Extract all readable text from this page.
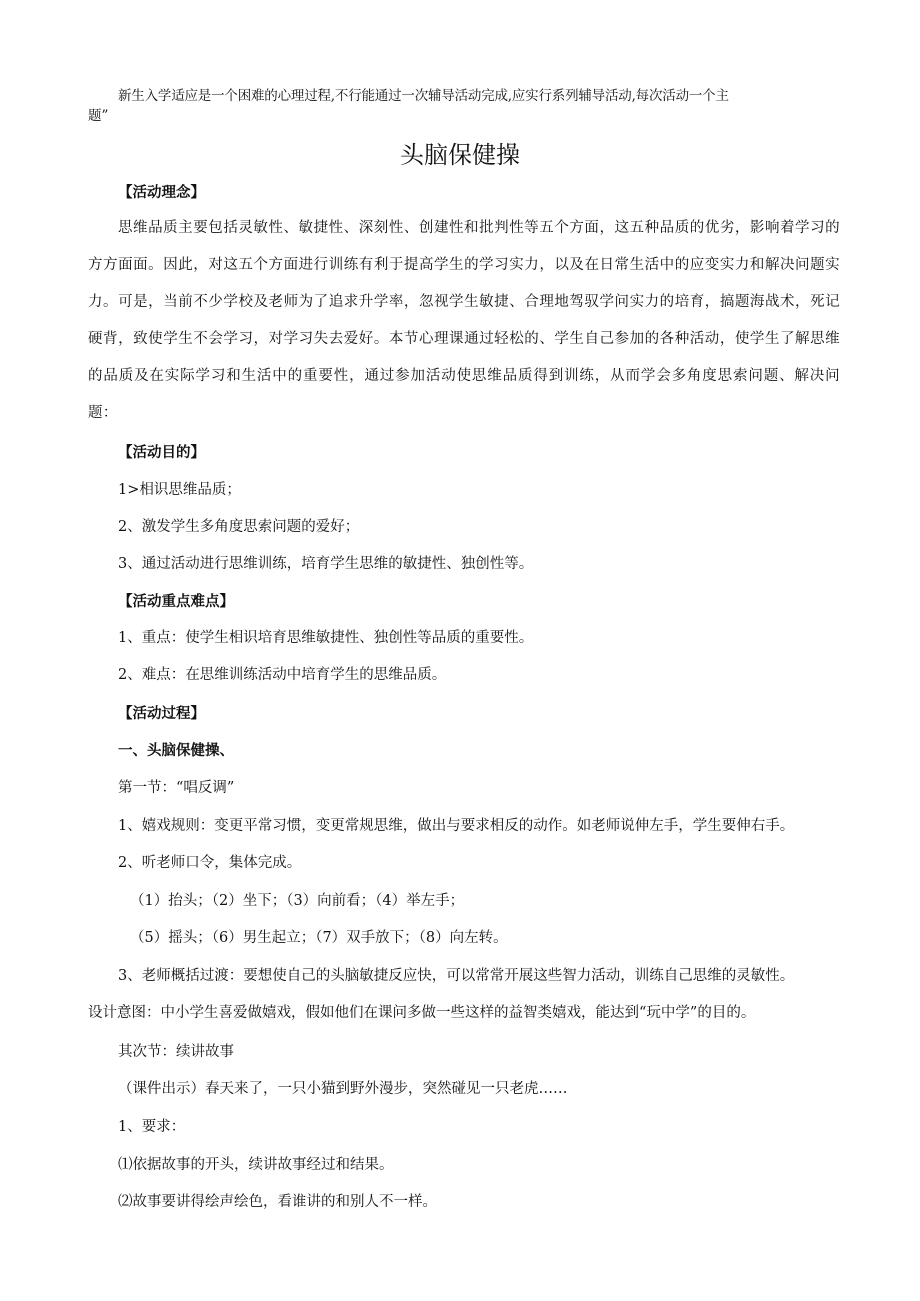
新生入学适应是一个困难的心理过程,不行能通过一次辅导活动完成,应实行系列辅导活动,每次活动一个主
题”
头脑保健操
【活动理念】
思维品质主要包括灵敏性、敏捷性、深刻性、创建性和批判性等五个方面，这五种品质的优劣，影响着学习的方方面面。因此，对这五个方面进行训练有利于提高学生的学习实力，以及在日常生活中的应变实力和解决问题实力。可是，当前不少学校及老师为了追求升学率，忽视学生敏捷、合理地驾驭学问实力的培育，搞题海战术，死记硬背，致使学生不会学习，对学习失去爱好。本节心理课通过轻松的、学生自己参加的各种活动，使学生了解思维的品质及在实际学习和生活中的重要性，通过参加活动使思维品质得到训练，从而学会多角度思索问题、解决问题：
【活动目的】
1>相识思维品质；
2、激发学生多角度思索问题的爱好；
3、通过活动进行思维训练，培育学生思维的敏捷性、独创性等。
【活动重点难点】
1、重点：使学生相识培育思维敏捷性、独创性等品质的重要性。
2、难点：在思维训练活动中培育学生的思维品质。
【活动过程】
一、头脑保健操、
第一节：“唱反调”
1、嬉戏规则：变更平常习惯，变更常规思维，做出与要求相反的动作。如老师说伸左手，学生要伸右手。
2、听老师口令，集体完成。
（1）抬头；（2）坐下；（3）向前看；（4）举左手；
（5）摇头；（6）男生起立；（7）双手放下；（8）向左转。
3、老师概括过渡：要想使自己的头脑敏捷反应快，可以常常开展这些智力活动，训练自己思维的灵敏性。
设计意图：中小学生喜爱做嬉戏，假如他们在课问多做一些这样的益智类嬉戏，能达到“玩中学”的目的。
其次节：续讲故事
（课件出示）春天来了，一只小猫到野外漫步，突然碰见一只老虎……
1、要求：
⑴依据故事的开头，续讲故事经过和结果。
⑵故事要讲得绘声绘色，看谁讲的和别人不一样。
